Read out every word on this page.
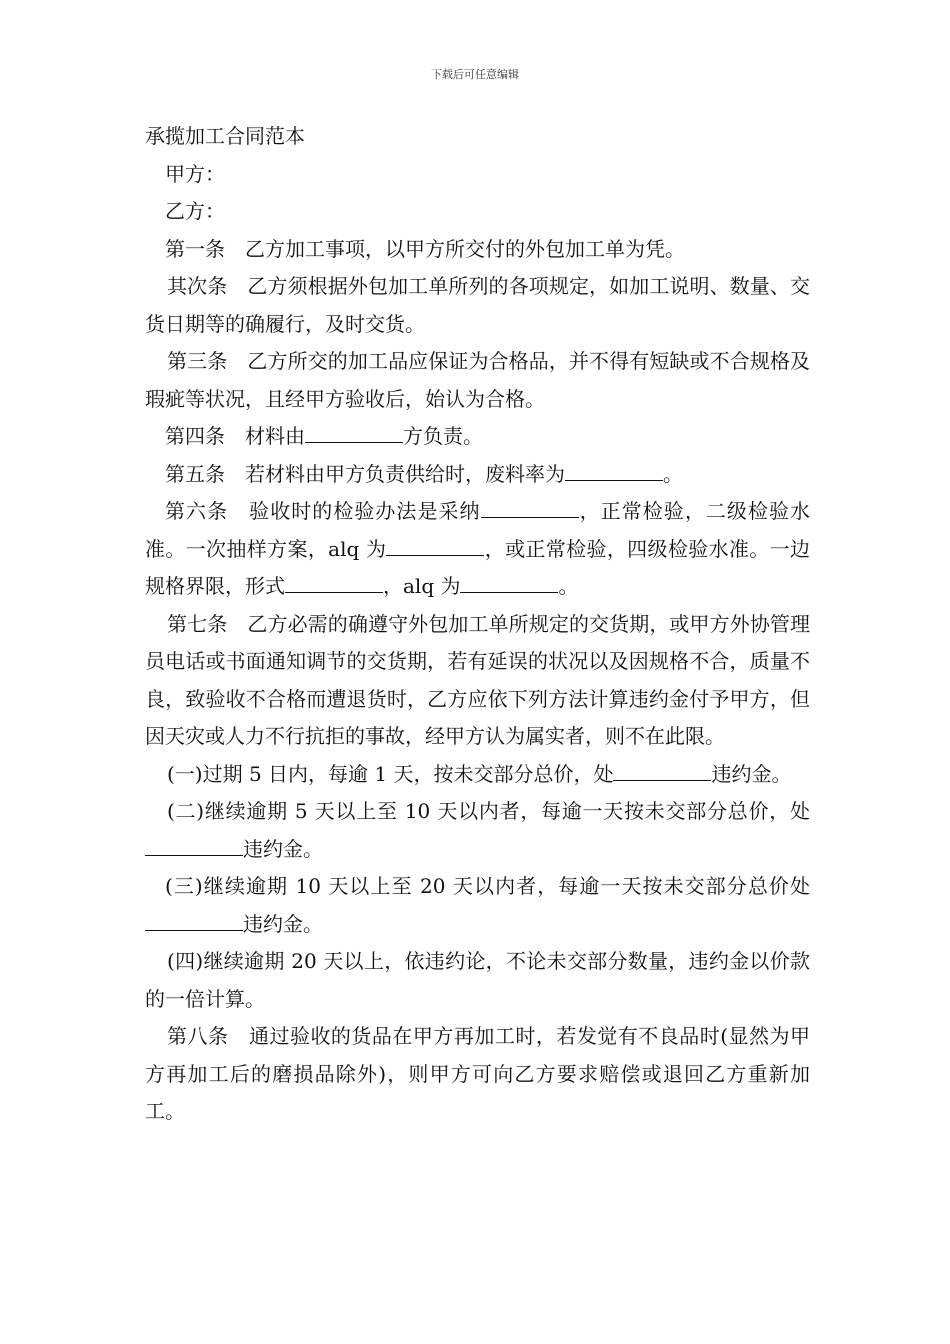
下载后可任意编辑

承揽加工合同范本

甲方：

乙方：

第一条 乙方加工事项，以甲方所交付的外包加工单为凭。

其次条 乙方须根据外包加工单所列的各项规定，如加工说明、数量、交货日期等的确履行，及时交货。

第三条 乙方所交的加工品应保证为合格品，并不得有短缺或不合规格及瑕疵等状况，且经甲方验收后，始认为合格。

第四条 材料由	方负责。

第五条 若材料由甲方负责供给时，废料率为	。

第六条 验收时的检验办法是采纳	，正常检验，二级检验水准。一次抽样方案，alq 为	，或正常检验，四级检验水准。一边规格界限，形式	，alq 为	。

第七条 乙方必需的确遵守外包加工单所规定的交货期，或甲方外协管理员电话或书面通知调节的交货期，若有延误的状况以及因规格不合，质量不良，致验收不合格而遭退货时，乙方应依下列方法计算违约金付予甲方，但因天灾或人力不行抗拒的事故，经甲方认为属实者，则不在此限。

(一)过期 5 日内，每逾 1 天，按未交部分总价，处	违约金。

(二)继续逾期 5 天以上至 10 天以内者，每逾一天按未交部分总价，处违约金。

(三)继续逾期 10 天以上至 20 天以内者，每逾一天按未交部分总价处违约金。

(四)继续逾期 20 天以上，依违约论，不论未交部分数量，违约金以价款的一倍计算。

第八条 通过验收的货品在甲方再加工时，若发觉有不良品时(显然为甲方再加工后的磨损品除外)，则甲方可向乙方要求赔偿或退回乙方重新加工。
